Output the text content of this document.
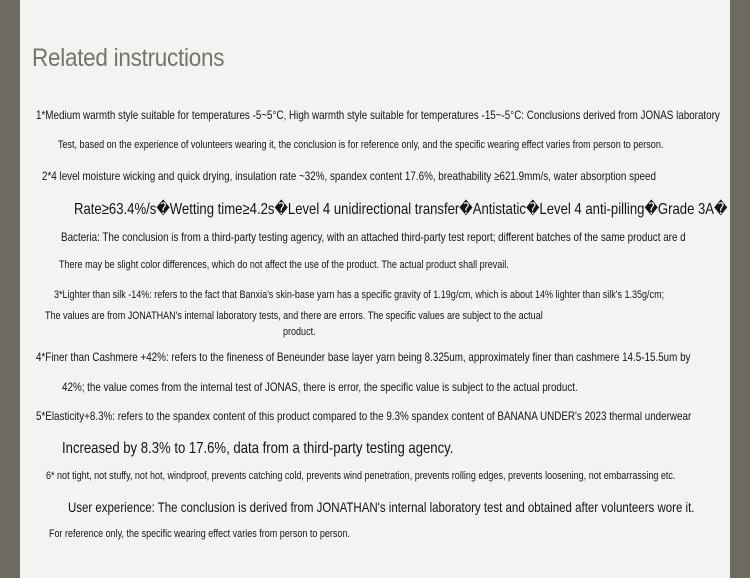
Related instructions
1*Medium warmth style suitable for temperatures -5~5°C, High warmth style suitable for temperatures -15~-5°C: Conclusions derived from JONAS laboratory
Test, based on the experience of volunteers wearing it, the conclusion is for reference only, and the specific wearing effect varies from person to person.
2*4 level moisture wicking and quick drying, insulation rate ~32%, spandex content 17.6%, breathability ≥621.9mm/s, water absorption speed
Rate≥63.4%/s�Wetting time≥4.2s�Level 4 unidirectional transfer�Antistatic�Level 4 anti-pilling�Grade 3A�
Bacteria: The conclusion is from a third-party testing agency, with an attached third-party test report; different batches of the same product are d
There may be slight color differences, which do not affect the use of the product. The actual product shall prevail.
3*Lighter than silk -14%: refers to the fact that Banxia's skin-base yarn has a specific gravity of 1.19g/cm, which is about 14% lighter than silk's 1.35g/cm;
The values are from JONATHAN's internal laboratory tests, and there are errors. The specific values are subject to the actual
product.
4*Finer than Cashmere +42%: refers to the fineness of Beneunder base layer yarn being 8.325um, approximately finer than cashmere 14.5-15.5um by
42%; the value comes from the internal test of JONAS, there is error, the specific value is subject to the actual product.
5*Elasticity+8.3%: refers to the spandex content of this product compared to the 9.3% spandex content of BANANA UNDER's 2023 thermal underwear
Increased by 8.3% to 17.6%, data from a third-party testing agency.
6* not tight, not stuffy, not hot, windproof, prevents catching cold, prevents wind penetration, prevents rolling edges, prevents loosening, not embarrassing etc.
User experience: The conclusion is derived from JONATHAN's internal laboratory test and obtained after volunteers wore it.
For reference only, the specific wearing effect varies from person to person.
